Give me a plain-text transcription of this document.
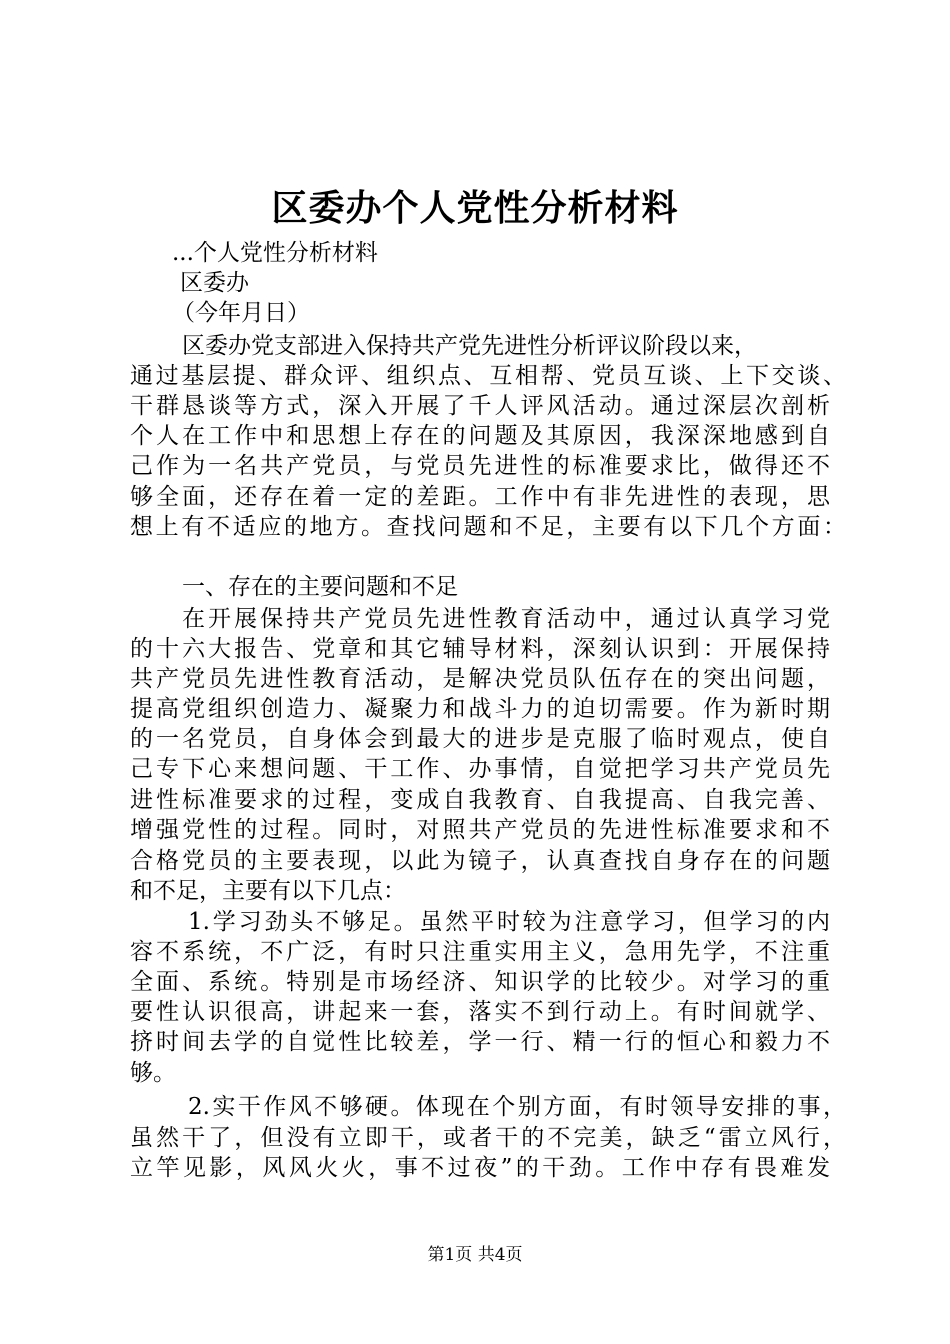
区委办个人党性分析材料
...个人党性分析材料
区委办
（今年月日）
区委办党支部进入保持共产党先进性分析评议阶段以来，
通过基层提、群众评、组织点、互相帮、党员互谈、上下交谈、
干群恳谈等方式，深入开展了千人评风活动。通过深层次剖析
个人在工作中和思想上存在的问题及其原因，我深深地感到自
己作为一名共产党员，与党员先进性的标准要求比，做得还不
够全面，还存在着一定的差距。工作中有非先进性的表现，思
想上有不适应的地方。查找问题和不足，主要有以下几个方面：
一、存在的主要问题和不足
在开展保持共产党员先进性教育活动中，通过认真学习党
的十六大报告、党章和其它辅导材料，深刻认识到：开展保持
共产党员先进性教育活动，是解决党员队伍存在的突出问题，
提高党组织创造力、凝聚力和战斗力的迫切需要。作为新时期
的一名党员，自身体会到最大的进步是克服了临时观点，使自
己专下心来想问题、干工作、办事情，自觉把学习共产党员先
进性标准要求的过程，变成自我教育、自我提高、自我完善、
增强党性的过程。同时，对照共产党员的先进性标准要求和不
合格党员的主要表现，以此为镜子，认真查找自身存在的问题
和不足，主要有以下几点：
1.学习劲头不够足。虽然平时较为注意学习，但学习的内
容不系统，不广泛，有时只注重实用主义，急用先学，不注重
全面、系统。特别是市场经济、知识学的比较少。对学习的重
要性认识很高，讲起来一套，落实不到行动上。有时间就学、
挤时间去学的自觉性比较差，学一行、精一行的恒心和毅力不
够。
2.实干作风不够硬。体现在个别方面，有时领导安排的事，
虽然干了，但没有立即干，或者干的不完美，缺乏“雷立风行，
立竿见影，风风火火，事不过夜”的干劲。工作中存有畏难发
第1页 共4页
